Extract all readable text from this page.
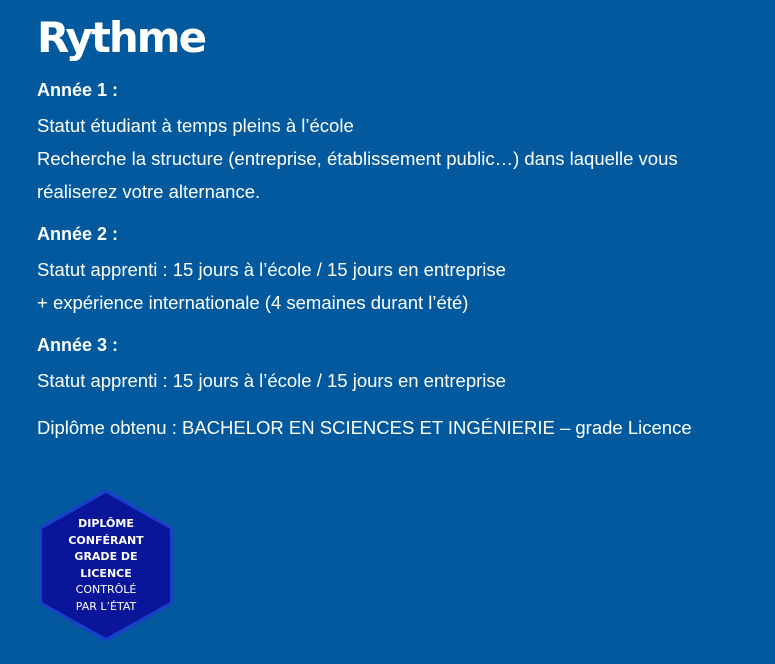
Rythme
Année 1 :
Statut étudiant à temps pleins à l’école
Recherche la structure (entreprise, établissement public…) dans laquelle vous
réaliserez votre alternance.
Année 2 :
Statut apprenti : 15 jours à l’école / 15 jours en entreprise
+ expérience internationale (4 semaines durant l’été)
Année 3 :
Statut apprenti : 15 jours à l’école / 15 jours en entreprise
Diplôme obtenu : BACHELOR EN SCIENCES ET INGÉNIERIE – grade Licence
DIPLÔME
CONFÉRANT
GRADE DE
LICENCE
CONTRÔLÉ
PAR L’ÉTAT
